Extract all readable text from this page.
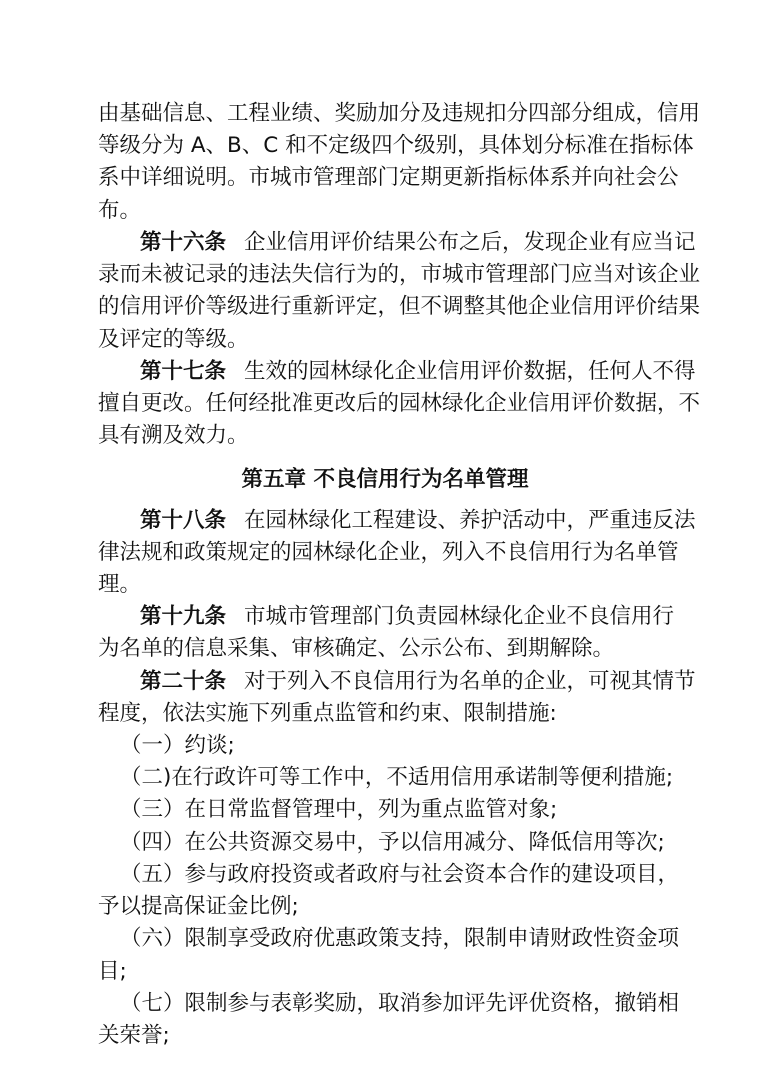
由基础信息、工程业绩、奖励加分及违规扣分四部分组成，信用
等级分为 A、B、C 和不定级四个级别，具体划分标准在指标体
系中详细说明。市城市管理部门定期更新指标体系并向社会公
布。
第十六条 企业信用评价结果公布之后，发现企业有应当记
录而未被记录的违法失信行为的，市城市管理部门应当对该企业
的信用评价等级进行重新评定，但不调整其他企业信用评价结果
及评定的等级。
第十七条 生效的园林绿化企业信用评价数据，任何人不得
擅自更改。任何经批准更改后的园林绿化企业信用评价数据，不
具有溯及效力。
第五章 不良信用行为名单管理
第十八条 在园林绿化工程建设、养护活动中，严重违反法
律法规和政策规定的园林绿化企业，列入不良信用行为名单管
理。
第十九条 市城市管理部门负责园林绿化企业不良信用行
为名单的信息采集、审核确定、公示公布、到期解除。
第二十条 对于列入不良信用行为名单的企业，可视其情节
程度，依法实施下列重点监管和约束、限制措施:
（一）约谈;
（二)在行政许可等工作中，不适用信用承诺制等便利措施;
（三）在日常监督管理中，列为重点监管对象;
（四）在公共资源交易中，予以信用减分、降低信用等次;
（五）参与政府投资或者政府与社会资本合作的建设项目，
予以提高保证金比例;
（六）限制享受政府优惠政策支持，限制申请财政性资金项
目;
（七）限制参与表彰奖励，取消参加评先评优资格，撤销相
关荣誉;
